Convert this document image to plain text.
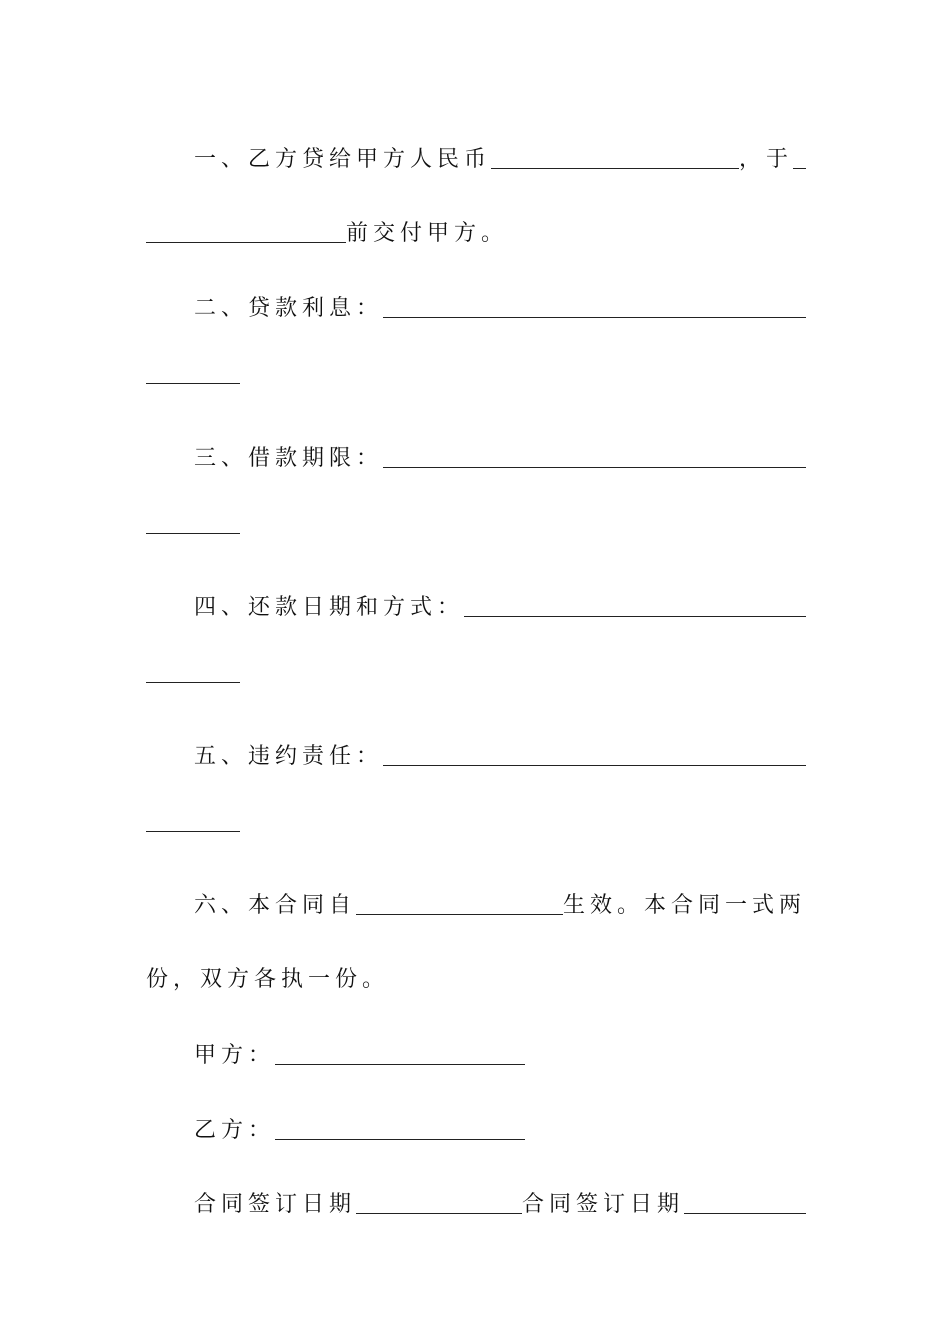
一、乙方贷给甲方人民币	，于
前交付甲方。
二、贷款利息：
三、借款期限：
四、还款日期和方式：
五、违约责任：
六、本合同自	生效。本合同一式两
份，双方各执一份。
甲方：
乙方：
合同签订日期	合同签订日期
